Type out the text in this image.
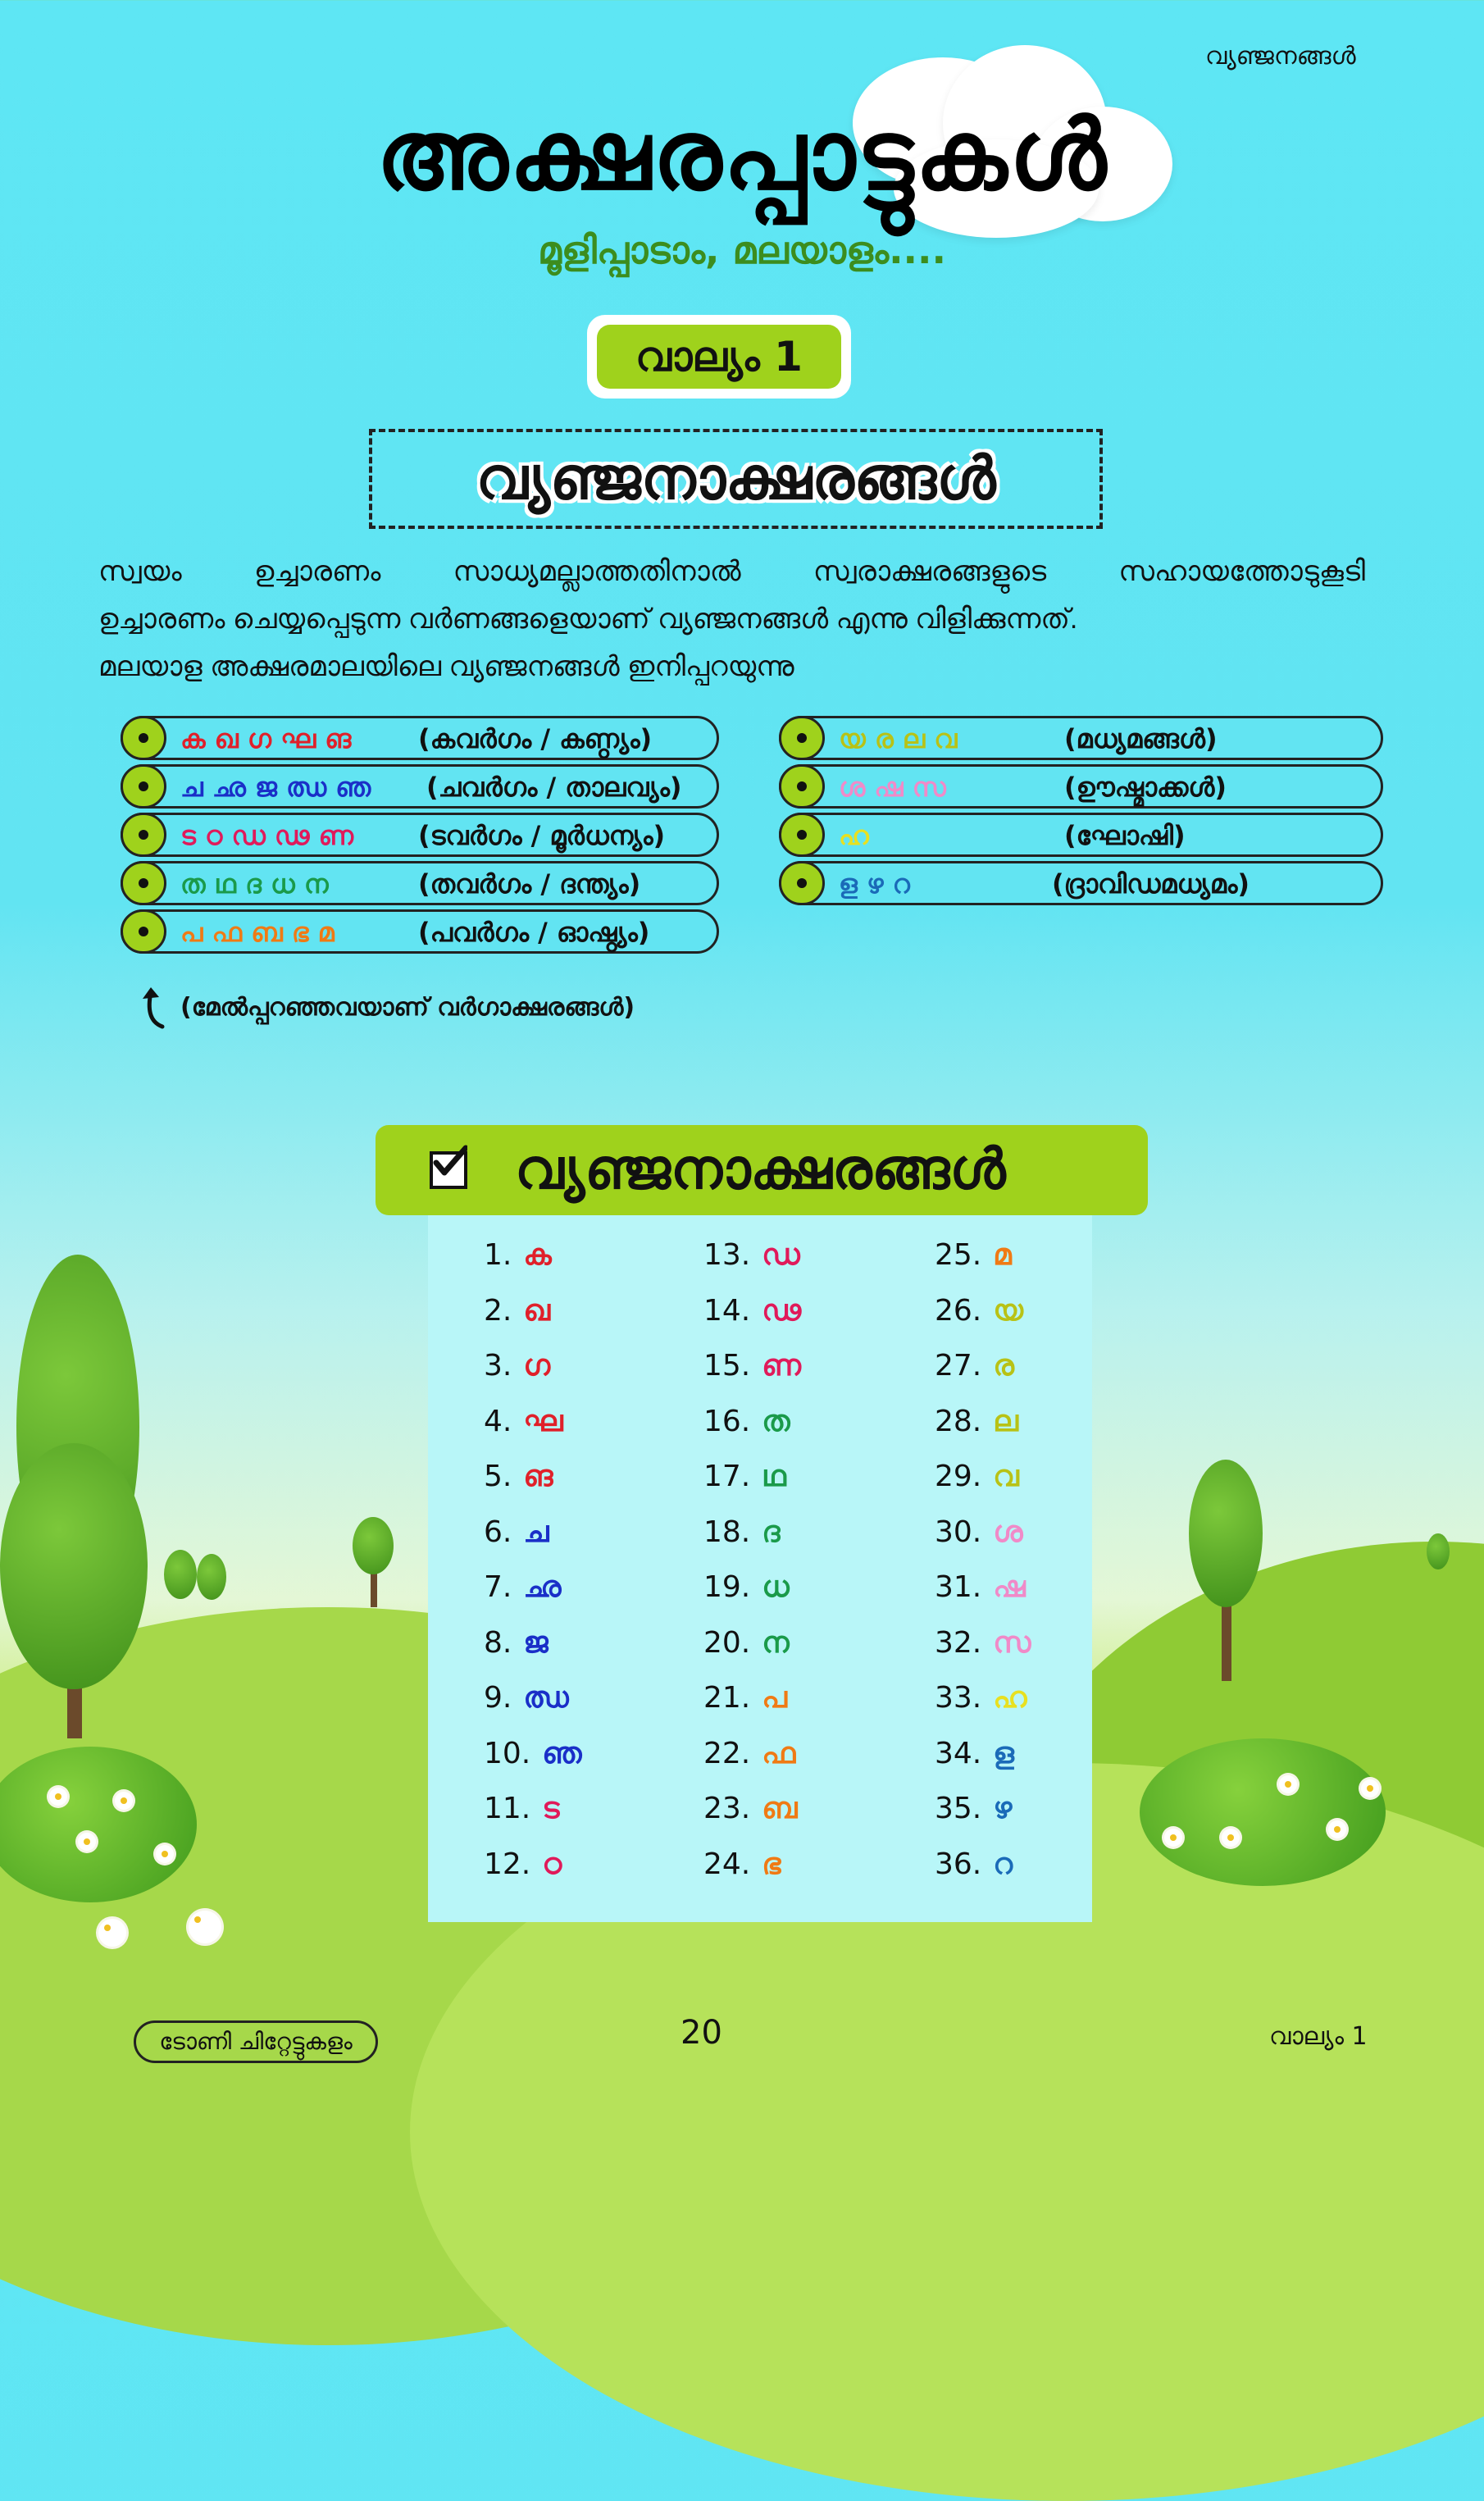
വ്യഞ്ജനങ്ങൾ
അക്ഷരപ്പാട്ടുകൾ
മൂളിപ്പാടാം, മലയാളം....
വാല്യം 1
വ്യഞ്ജനാക്ഷരങ്ങൾ

സ്വയം ഉച്ചാരണം സാധ്യമല്ലാത്തതിനാൽ സ്വരാക്ഷരങ്ങളുടെ സഹായത്തോടുകൂടി

ഉച്ചാരണം ചെയ്യപ്പെടുന്ന വർണങ്ങളെയാണ് വ്യഞ്ജനങ്ങൾ എന്നു വിളിക്കുന്നത്.

മലയാള അക്ഷരമാലയിലെ വ്യഞ്ജനങ്ങൾ ഇനിപ്പറയുന്നു

ക ഖ ഗ ഘ ങ	(കവർഗം / കണ്ഠ്യം)
ച ഛ ജ ഝ ഞ (ചവർഗം / താലവ്യം)
ട ഠ ഡ ഢ ണ (ടവർഗം / മൂർധന്യം)
ത ഥ ദ ധ ന	(തവർഗം / ദന്ത്യം)
പ ഫ ബ ഭ മ	(പവർഗം / ഓഷ്ഠ്യം)
യ ര ല വ	(മധ്യമങ്ങൾ)
ശ ഷ സ	(ഊഷ്മാക്കൾ)
ഹ	(ഘോഷി)
ള ഴ റ	(ദ്രാവിഡമധ്യമം)
(മേൽപ്പറഞ്ഞവയാണ് വർഗാക്ഷരങ്ങൾ)
വ്യഞ്ജനാക്ഷരങ്ങൾ
1. ക
2. ഖ
3. ഗ
4. ഘ
5. ങ
6. ച
7. ഛ
8. ജ
9. ഝ
10. ഞ
11. ട
12. ഠ
13. ഡ
14. ഢ
15. ണ
16. ത
17. ഥ
18. ദ
19. ധ
20. ന
21. പ
22. ഫ
23. ബ
24. ഭ
25. മ
26. യ
27. ര
28. ല
29. വ
30. ശ
31. ഷ
32. സ
33. ഹ
34. ള
35. ഴ
36. റ
ടോണി ചിറ്റേട്ടുകളം	20	വാല്യം 1
